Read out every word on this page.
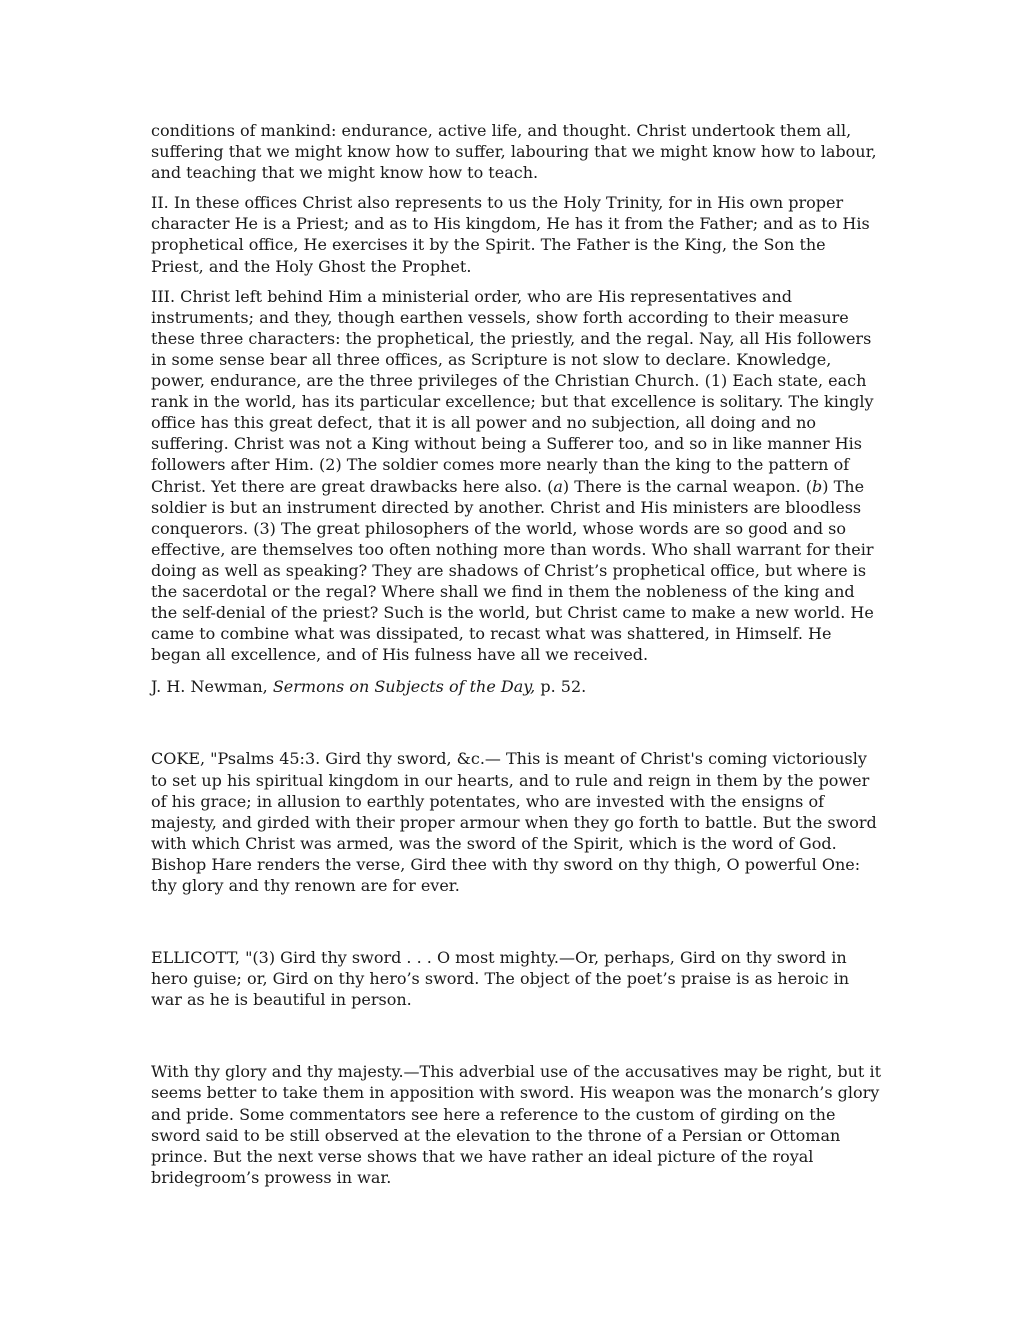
conditions of mankind: endurance, active life, and thought. Christ undertook them all, suffering that we might know how to suffer, labouring that we might know how to labour, and teaching that we might know how to teach.

II. In these offices Christ also represents to us the Holy Trinity, for in His own proper character He is a Priest; and as to His kingdom, He has it from the Father; and as to His prophetical office, He exercises it by the Spirit. The Father is the King, the Son the Priest, and the Holy Ghost the Prophet.

III. Christ left behind Him a ministerial order, who are His representatives and instruments; and they, though earthen vessels, show forth according to their measure these three characters: the prophetical, the priestly, and the regal. Nay, all His followers in some sense bear all three offices, as Scripture is not slow to declare. Knowledge, power, endurance, are the three privileges of the Christian Church. (1) Each state, each rank in the world, has its particular excellence; but that excellence is solitary. The kingly office has this great defect, that it is all power and no subjection, all doing and no suffering. Christ was not a King without being a Sufferer too, and so in like manner His followers after Him. (2) The soldier comes more nearly than the king to the pattern of Christ. Yet there are great drawbacks here also. (a) There is the carnal weapon. (b) The soldier is but an instrument directed by another. Christ and His ministers are bloodless conquerors. (3) The great philosophers of the world, whose words are so good and so effective, are themselves too often nothing more than words. Who shall warrant for their doing as well as speaking? They are shadows of Christ’s prophetical office, but where is the sacerdotal or the regal? Where shall we find in them the nobleness of the king and the self-denial of the priest? Such is the world, but Christ came to make a new world. He came to combine what was dissipated, to recast what was shattered, in Himself. He began all excellence, and of His fulness have all we received.

J. H. Newman, Sermons on Subjects of the Day, p. 52.

COKE, "Psalms 45:3. Gird thy sword, &c.— This is meant of Christ's coming victoriously to set up his spiritual kingdom in our hearts, and to rule and reign in them by the power of his grace; in allusion to earthly potentates, who are invested with the ensigns of majesty, and girded with their proper armour when they go forth to battle. But the sword with which Christ was armed, was the sword of the Spirit, which is the word of God. Bishop Hare renders the verse, Gird thee with thy sword on thy thigh, O powerful One: thy glory and thy renown are for ever.

ELLICOTT, "(3) Gird thy sword . . . O most mighty.—Or, perhaps, Gird on thy sword in hero guise; or, Gird on thy hero’s sword. The object of the poet’s praise is as heroic in war as he is beautiful in person.

With thy glory and thy majesty.—This adverbial use of the accusatives may be right, but it seems better to take them in apposition with sword. His weapon was the monarch’s glory and pride. Some commentators see here a reference to the custom of girding on the sword said to be still observed at the elevation to the throne of a Persian or Ottoman prince. But the next verse shows that we have rather an ideal picture of the royal bridegroom’s prowess in war.
